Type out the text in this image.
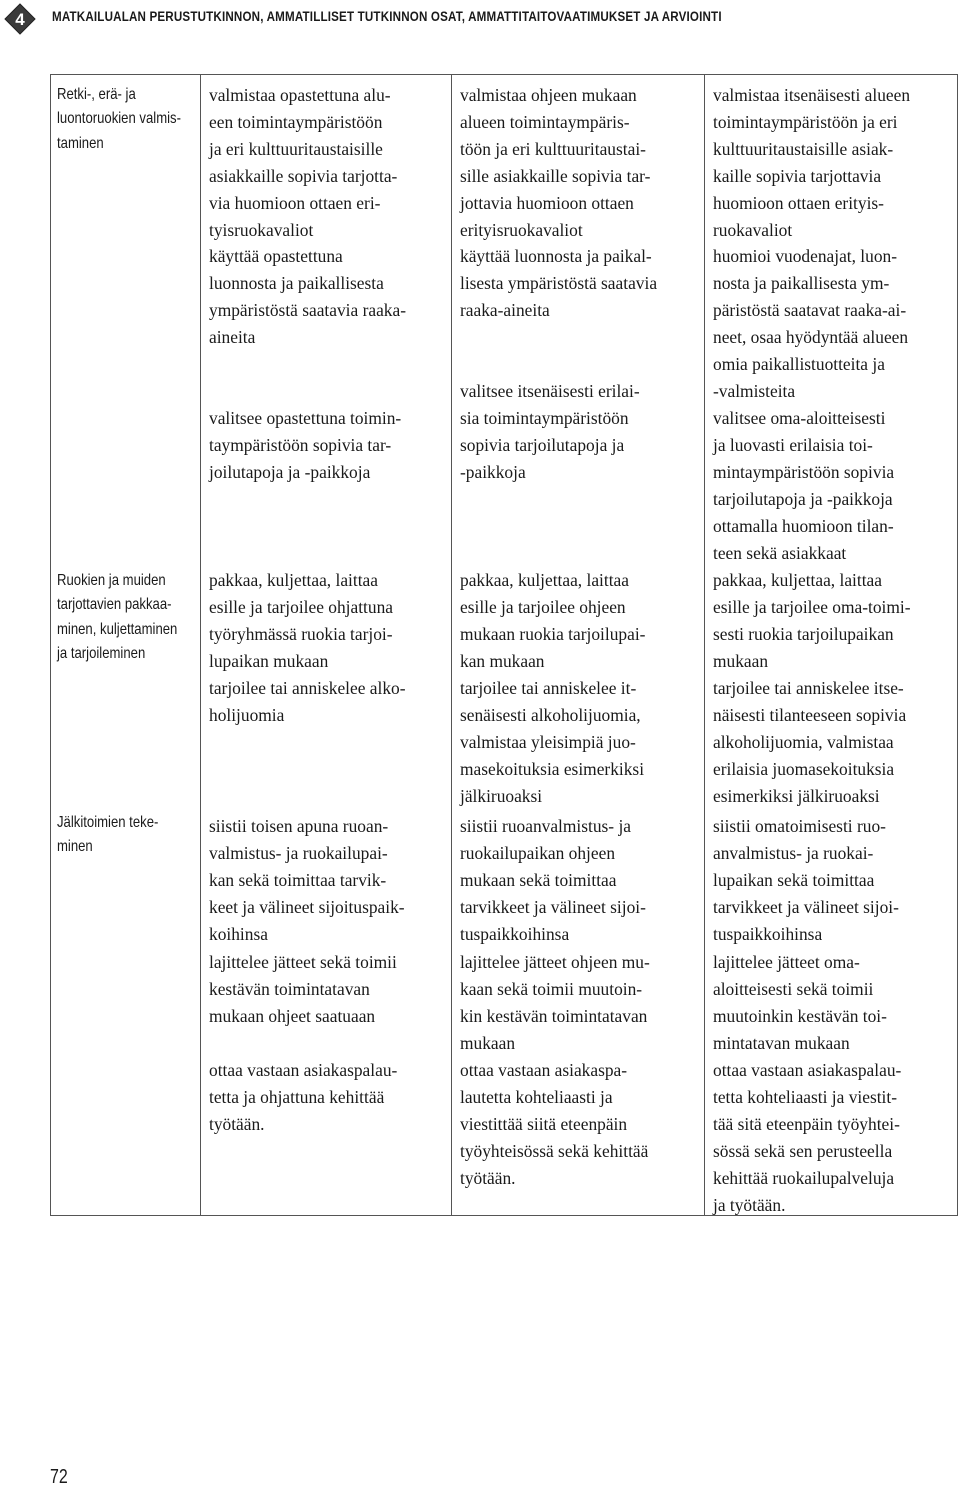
4 MATKAILUALAN PERUSTUTKINNON, AMMATILLISET TUTKINNON OSAT, AMMATTITAITOVAATIMUKSET JA ARVIOINTI
Retki-, erä- ja
luontoruokien valmis-
taminen
Ruokien ja muiden
tarjottavien pakkaa-
minen, kuljettaminen
ja tarjoileminen
Jälkitoimien teke-
minen
valmistaa opastettuna alu-
een toimintaympäristöön
ja eri kulttuuritaustaisille
asiakkaille sopivia tarjotta-
via huomioon ottaen eri-
tyisruokavaliot
käyttää opastettuna
luonnosta ja paikallisesta
ympäristöstä saatavia raaka-
aineita
valitsee opastettuna toimin-
taympäristöön sopivia tar-
joilutapoja ja -paikkoja
pakkaa, kuljettaa, laittaa
esille ja tarjoilee ohjattuna
työryhmässä ruokia tarjoi-
lupaikan mukaan
tarjoilee tai anniskelee alko-
holijuomia
siistii toisen apuna ruoan-
valmistus- ja ruokailupai-
kan sekä toimittaa tarvik-
keet ja välineet sijoituspaik-
koihinsa
lajittelee jätteet sekä toimii
kestävän toimintatavan
mukaan ohjeet saatuaan
ottaa vastaan asiakaspalau-
tetta ja ohjattuna kehittää
työtään.
valmistaa ohjeen mukaan
alueen toimintaympäris-
töön ja eri kulttuuritaustai-
sille asiakkaille sopivia tar-
jottavia huomioon ottaen
erityisruokavaliot
käyttää luonnosta ja paikal-
lisesta ympäristöstä saatavia
raaka-aineita
valitsee itsenäisesti erilai-
sia toimintaympäristöön
sopivia tarjoilutapoja ja
-paikkoja
pakkaa, kuljettaa, laittaa
esille ja tarjoilee ohjeen
mukaan ruokia tarjoilupai-
kan mukaan
tarjoilee tai anniskelee it-
senäisesti alkoholijuomia,
valmistaa yleisimpiä juo-
masekoituksia esimerkiksi
jälkiruoaksi
siistii ruoanvalmistus- ja
ruokailupaikan ohjeen
mukaan sekä toimittaa
tarvikkeet ja välineet sijoi-
tuspaikkoihinsa
lajittelee jätteet ohjeen mu-
kaan sekä toimii muutoin-
kin kestävän toimintatavan
mukaan
ottaa vastaan asiakaspa-
lautetta kohteliaasti ja
viestittää siitä eteenpäin
työyhteisössä sekä kehittää
työtään.
valmistaa itsenäisesti alueen
toimintaympäristöön ja eri
kulttuuritaustaisille asiak-
kaille sopivia tarjottavia
huomioon ottaen erityis-
ruokavaliot
huomioi vuodenajat, luon-
nosta ja paikallisesta ym-
päristöstä saatavat raaka-ai-
neet, osaa hyödyntää alueen
omia paikallistuotteita ja
-valmisteita
valitsee oma-aloitteisesti
ja luovasti erilaisia toi-
mintaympäristöön sopivia
tarjoilutapoja ja -paikkoja
ottamalla huomioon tilan-
teen sekä asiakkaat
pakkaa, kuljettaa, laittaa
esille ja tarjoilee oma-toimi-
sesti ruokia tarjoilupaikan
mukaan
tarjoilee tai anniskelee itse-
näisesti tilanteeseen sopivia
alkoholijuomia, valmistaa
erilaisia juomasekoituksia
esimerkiksi jälkiruoaksi
siistii omatoimisesti ruo-
anvalmistus- ja ruokai-
lupaikan sekä toimittaa
tarvikkeet ja välineet sijoi-
tuspaikkoihinsa
lajittelee jätteet oma-
aloitteisesti sekä toimii
muutoinkin kestävän toi-
mintatavan mukaan
ottaa vastaan asiakaspalau-
tetta kohteliaasti ja viestit-
tää sitä eteenpäin työyhtei-
sössä sekä sen perusteella
kehittää ruokailupalveluja
ja työtään.
72
